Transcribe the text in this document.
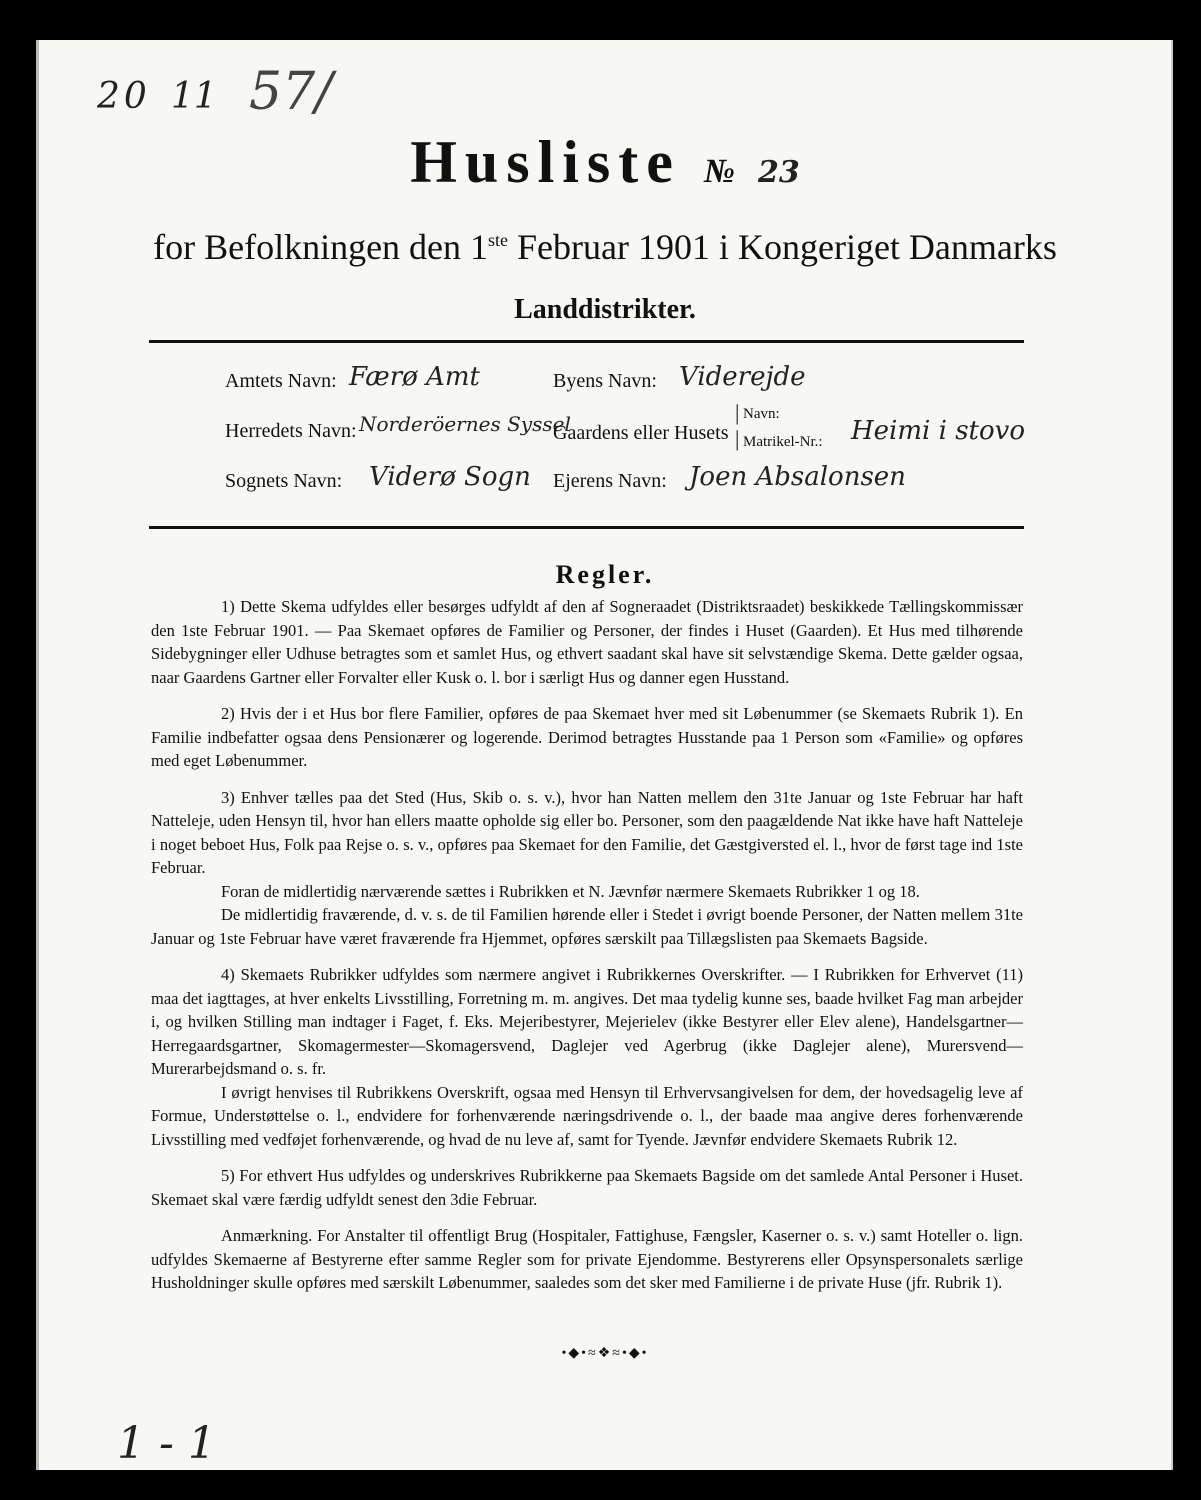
20 11 57/
Husliste № 23
for Befolkningen den 1ste Februar 1901 i Kongeriget Danmarks
Landdistrikter.
Amtets Navn: Færø Amt	Byens Navn: Viderejde
Herredets Navn: Norderöernes Syssel
Gaardens eller Husets
| Navn:
| Matrikel-Nr.: Heimi i stovo
Sognets Navn: Viderø Sogn Ejerens Navn: Joen Absalonsen
Regler.

1) Dette Skema udfyldes eller besørges udfyldt af den af Sogneraadet (Distriktsraadet) beskikkede Tællingskommissær den 1ste Februar 1901. — Paa Skemaet opføres de Familier og Personer, der findes i Huset (Gaarden). Et Hus med tilhørende Sidebygninger eller Udhuse betragtes som et samlet Hus, og ethvert saadant skal have sit selvstændige Skema. Dette gælder ogsaa, naar Gaardens Gartner eller Forvalter eller Kusk o. l. bor i særligt Hus og danner egen Husstand.

2) Hvis der i et Hus bor flere Familier, opføres de paa Skemaet hver med sit Løbenummer (se Skemaets Rubrik 1). En Familie indbefatter ogsaa dens Pensionærer og logerende. Derimod betragtes Husstande paa 1 Person som «Familie» og opføres med eget Løbenummer.

3) Enhver tælles paa det Sted (Hus, Skib o. s. v.), hvor han Natten mellem den 31te Januar og 1ste Februar har haft Natteleje, uden Hensyn til, hvor han ellers maatte opholde sig eller bo. Personer, som den paagældende Nat ikke have haft Natteleje i noget beboet Hus, Folk paa Rejse o. s. v., opføres paa Skemaet for den Familie, det Gæstgiversted el. l., hvor de først tage ind 1ste Februar.

Foran de midlertidig nærværende sættes i Rubrikken et N. Jævnfør nærmere Skemaets Rubrikker 1 og 18.

De midlertidig fraværende, d. v. s. de til Familien hørende eller i Stedet i øvrigt boende Personer, der Natten mellem 31te Januar og 1ste Februar have været fraværende fra Hjemmet, opføres særskilt paa Tillægslisten paa Skemaets Bagside.

4) Skemaets Rubrikker udfyldes som nærmere angivet i Rubrikkernes Overskrifter. — I Rubrikken for Erhvervet (11) maa det iagttages, at hver enkelts Livsstilling, Forretning m. m. angives. Det maa tydelig kunne ses, baade hvilket Fag man arbejder i, og hvilken Stilling man indtager i Faget, f. Eks. Mejeribestyrer, Mejerielev (ikke Bestyrer eller Elev alene), Handelsgartner—Herregaardsgartner, Skomagermester—Skomagersvend, Daglejer ved Agerbrug (ikke Daglejer alene), Murersvend—Murerarbejdsmand o. s. fr.

I øvrigt henvises til Rubrikkens Overskrift, ogsaa med Hensyn til Erhvervsangivelsen for dem, der hovedsagelig leve af Formue, Understøttelse o. l., endvidere for forhenværende næringsdrivende o. l., der baade maa angive deres forhenværende Livsstilling med vedføjet forhenværende, og hvad de nu leve af, samt for Tyende. Jævnfør endvidere Skemaets Rubrik 12.

5) For ethvert Hus udfyldes og underskrives Rubrikkerne paa Skemaets Bagside om det samlede Antal Personer i Huset. Skemaet skal være færdig udfyldt senest den 3die Februar.

Anmærkning. For Anstalter til offentligt Brug (Hospitaler, Fattighuse, Fængsler, Kaserner o. s. v.) samt Hoteller o. lign. udfyldes Skemaerne af Bestyrerne efter samme Regler som for private Ejendomme. Bestyrerens eller Opsynspersonalets særlige Husholdninger skulle opføres med særskilt Løbenummer, saaledes som det sker med Familierne i de private Huse (jfr. Rubrik 1).

•◆•≈❖≈•◆•
1 - 1
